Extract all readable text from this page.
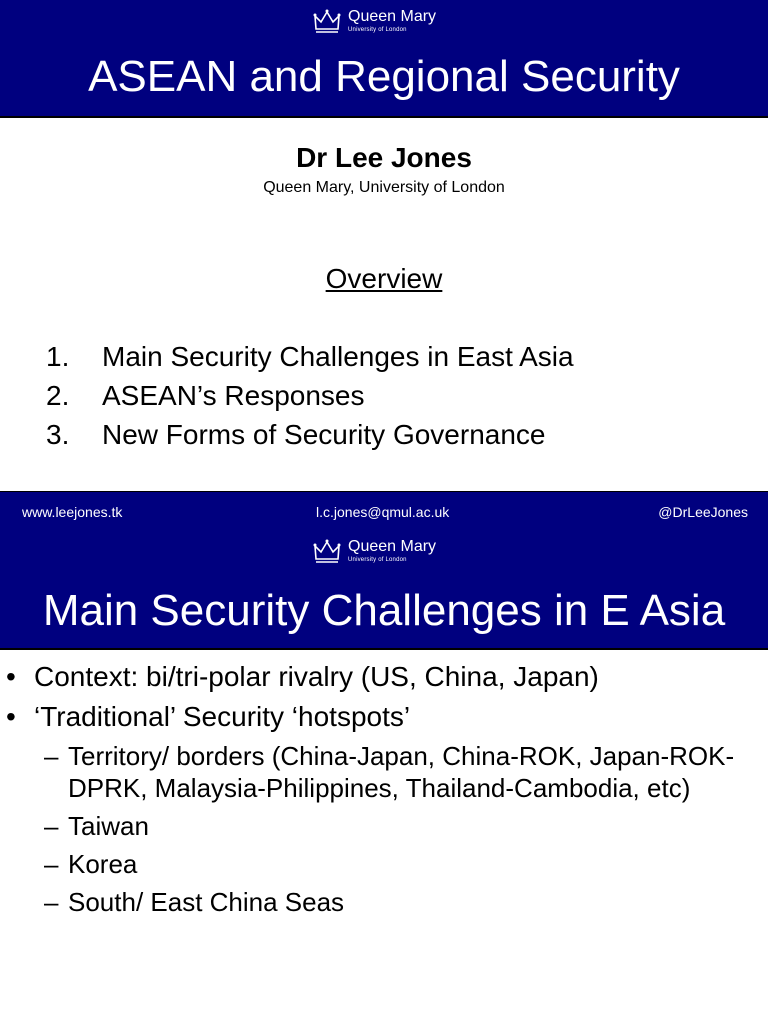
Queen Mary
University of London
ASEAN and Regional Security
Dr Lee Jones
Queen Mary, University of London
Overview
1.	Main Security Challenges in East Asia
2.	ASEAN’s Responses
3.	New Forms of Security Governance
www.leejones.tk	l.c.jones@qmul.ac.uk	@DrLeeJones
Queen Mary
University of London
Main Security Challenges in E Asia
• Context: bi/tri-polar rivalry (US, China, Japan)
• ‘Traditional’ Security ‘hotspots’
– Territory/ borders (China-Japan, China-ROK, Japan-ROK-DPRK, Malaysia-Philippines, Thailand-Cambodia, etc)
– Taiwan
– Korea
– South/ East China Seas
